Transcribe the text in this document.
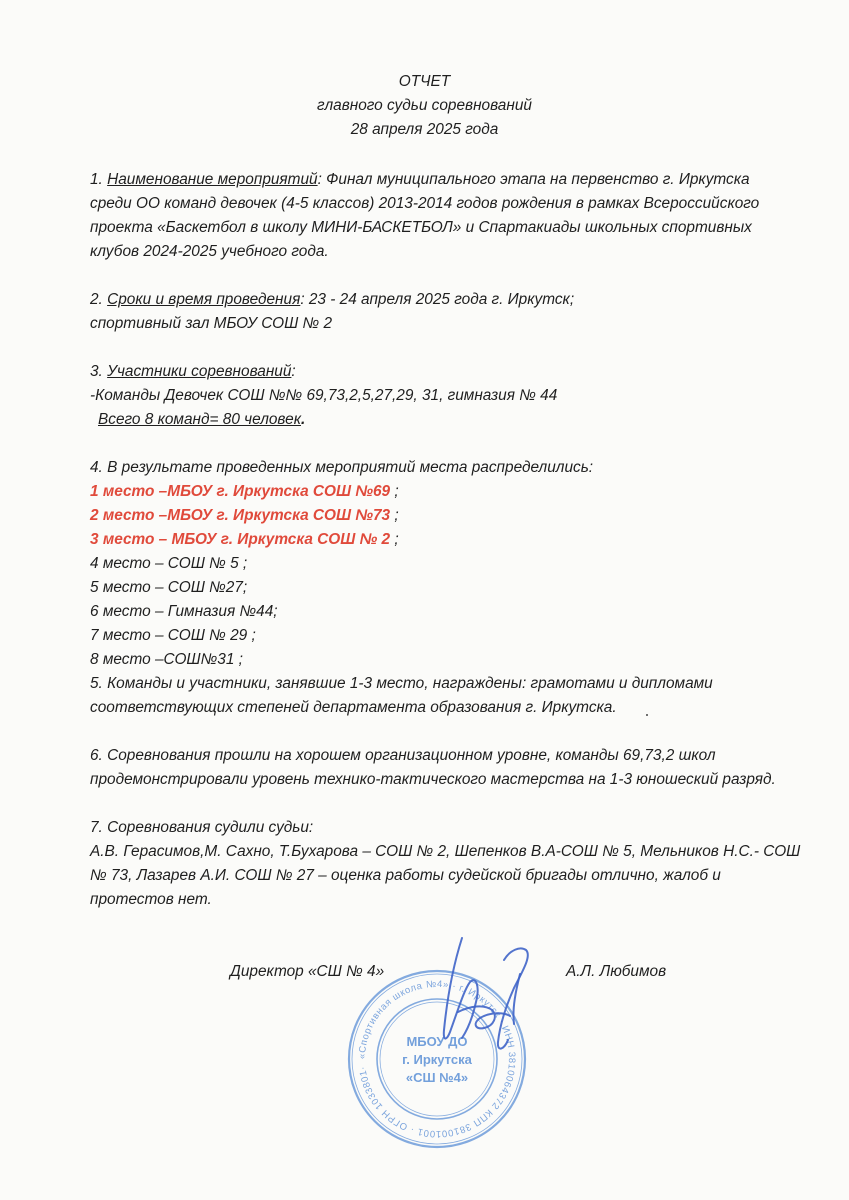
ОТЧЕТ
главного судьи соревнований
28 апреля 2025 года
1. Наименование мероприятий: Финал муниципального этапа на первенство г. Иркутска
среди ОО команд девочек (4-5 классов) 2013-2014 годов рождения в рамках Всероссийского
проекта «Баскетбол в школу МИНИ-БАСКЕТБОЛ» и Спартакиады школьных спортивных
клубов 2024-2025 учебного года.
2. Сроки и время проведения: 23 - 24 апреля 2025 года г. Иркутск;
спортивный зал МБОУ СОШ № 2
3. Участники соревнований:
-Команды Девочек СОШ №№ 69,73,2,5,27,29, 31, гимназия № 44
Всего 8 команд= 80 человек.
4. В результате проведенных мероприятий места распределились:
1 место –МБОУ г. Иркутска СОШ №69 ;
2 место –МБОУ г. Иркутска СОШ №73 ;
3 место – МБОУ г. Иркутска СОШ № 2 ;
4 место – СОШ № 5 ;
5 место – СОШ №27;
6 место – Гимназия №44;
7 место – СОШ № 29 ;
8 место –СОШ№31 ;
5. Команды и участники, занявшие 1-3 место, награждены: грамотами и дипломами
соответствующих степеней департамента образования г. Иркутска.
6. Соревнования прошли на хорошем организационном уровне, команды 69,73,2 школ
продемонстрировали уровень технико-тактического мастерства на 1-3 юношеский разряд.
7. Соревнования судили судьи:
А.В. Герасимов,М. Сахно, Т.Бухарова – СОШ № 2, Шепенков В.А-СОШ № 5, Мельников Н.С.- СОШ
№ 73, Лазарев А.И. СОШ № 27 – оценка работы судейской бригады отлично, жалоб и
протестов нет.
Директор «СШ № 4»	А.Л. Любимов
«Спортивная школа №4» · г. Иркутск · ИНН 3810064372 КПП 381001001 · ОГРН 1033801·
МБОУ ДО
г. Иркутска
«СШ №4»
